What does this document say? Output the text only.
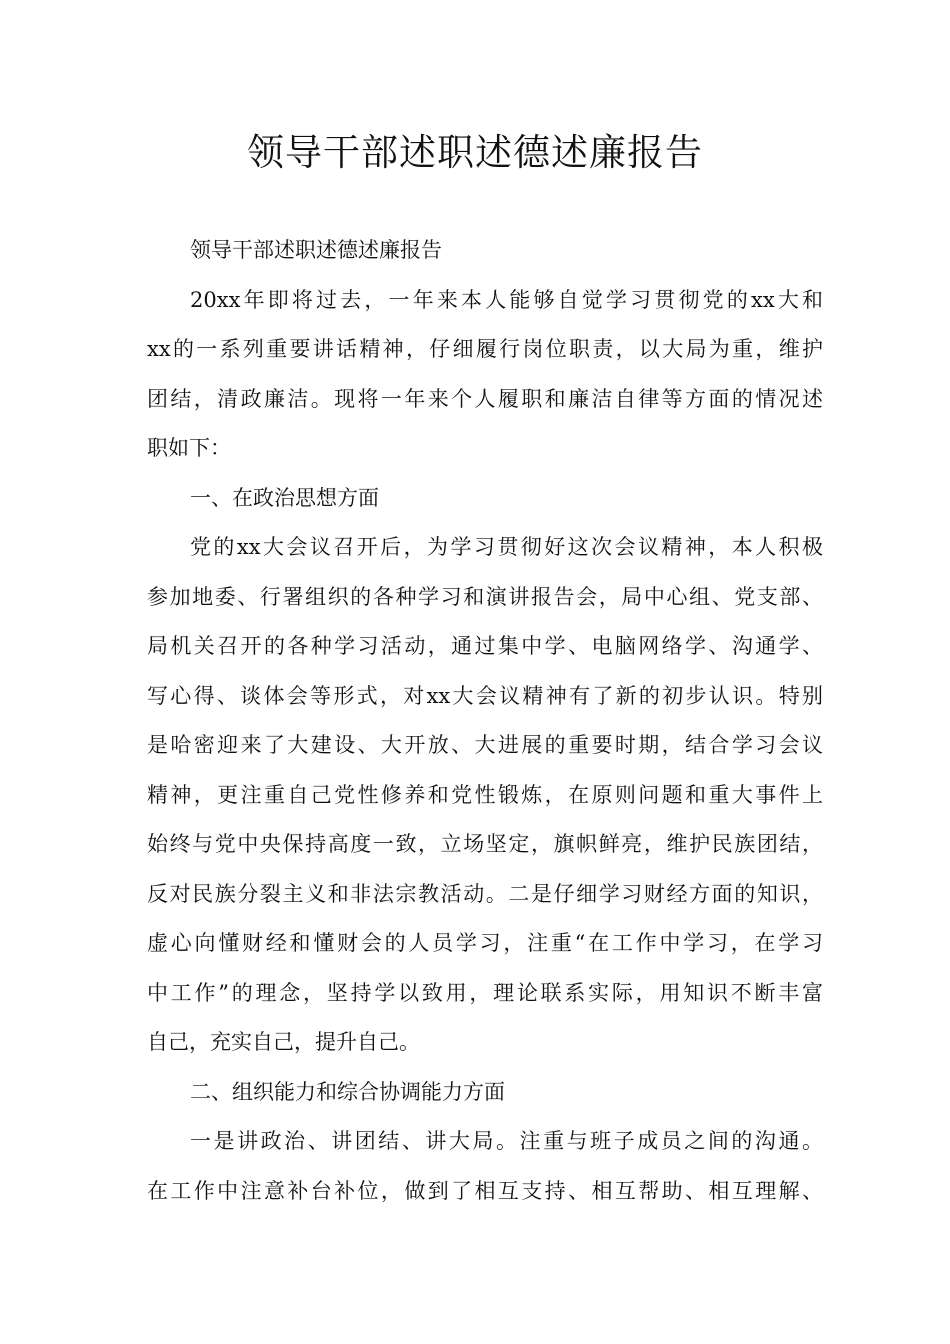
领导干部述职述德述廉报告
领导干部述职述德述廉报告
20xx年即将过去，一年来本人能够自觉学习贯彻党的xx大和
xx的一系列重要讲话精神，仔细履行岗位职责，以大局为重，维护
团结，清政廉洁。现将一年来个人履职和廉洁自律等方面的情况述
职如下：
一、在政治思想方面
党的xx大会议召开后，为学习贯彻好这次会议精神，本人积极
参加地委、行署组织的各种学习和演讲报告会，局中心组、党支部、
局机关召开的各种学习活动，通过集中学、电脑网络学、沟通学、
写心得、谈体会等形式，对xx大会议精神有了新的初步认识。特别
是哈密迎来了大建设、大开放、大进展的重要时期，结合学习会议
精神，更注重自己党性修养和党性锻炼，在原则问题和重大事件上
始终与党中央保持高度一致，立场坚定，旗帜鲜亮，维护民族团结，
反对民族分裂主义和非法宗教活动。二是仔细学习财经方面的知识，
虚心向懂财经和懂财会的人员学习，注重“在工作中学习，在学习
中工作”的理念，坚持学以致用，理论联系实际，用知识不断丰富
自己，充实自己，提升自己。
二、组织能力和综合协调能力方面
一是讲政治、讲团结、讲大局。注重与班子成员之间的沟通。
在工作中注意补台补位，做到了相互支持、相互帮助、相互理解、
